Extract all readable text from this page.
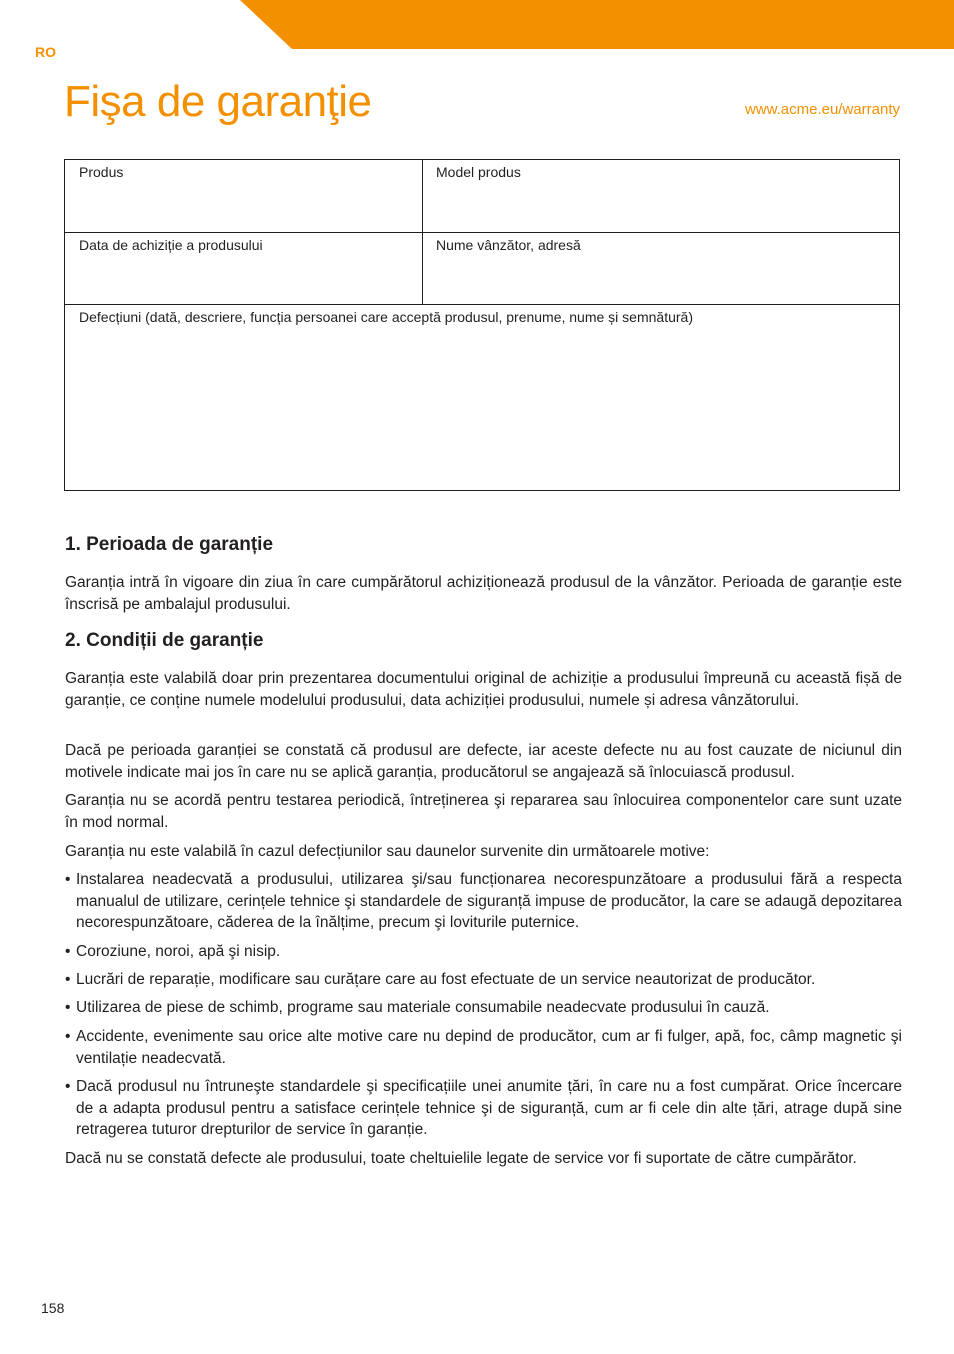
RO
Fişa de garanţie	www.acme.eu/warranty
Produs	Model produs
Data de achiziție a produsului	Nume vânzător, adresă
Defecțiuni (dată, descriere, funcția persoanei care acceptă produsul, prenume, nume și semnătură)
1. Perioada de garanție

Garanția intră în vigoare din ziua în care cumpărătorul achiziționează produsul de la vânzător. Perioada de garanție este înscrisă pe ambalajul produsului.

2. Condiții de garanție

Garanția este valabilă doar prin prezentarea documentului original de achiziție a produsului împreună cu această fișă de garanție, ce conține numele modelului produsului, data achiziției produsului, numele și adresa vânzătorului.

Dacă pe perioada garanției se constată că produsul are defecte, iar aceste defecte nu au fost cauzate de niciunul din motivele indicate mai jos în care nu se aplică garanția, producătorul se angajează să înlocuiască produsul.

Garanția nu se acordă pentru testarea periodică, întreținerea şi repararea sau înlocuirea componentelor care sunt uzate în mod normal.

Garanția nu este valabilă în cazul defecțiunilor sau daunelor survenite din următoarele motive:

• Instalarea neadecvată a produsului, utilizarea şi/sau funcționarea necorespunzătoare a produsului fără a respecta manualul de utilizare, cerințele tehnice şi standardele de siguranță impuse de producător, la care se adaugă depozitarea necorespunzătoare, căderea de la înălțime, precum şi loviturile puternice.
• Coroziune, noroi, apă şi nisip.
• Lucrări de reparație, modificare sau curățare care au fost efectuate de un service neautorizat de producător.
• Utilizarea de piese de schimb, programe sau materiale consumabile neadecvate produsului în cauză.
• Accidente, evenimente sau orice alte motive care nu depind de producător, cum ar fi fulger, apă, foc, câmp magnetic şi ventilație neadecvată.
• Dacă produsul nu întruneşte standardele şi specificațiile unei anumite țări, în care nu a fost cumpărat. Orice încercare de a adapta produsul pentru a satisface cerințele tehnice şi de siguranță, cum ar fi cele din alte țări, atrage după sine retragerea tuturor drepturilor de service în garanție.

Dacă nu se constată defecte ale produsului, toate cheltuielile legate de service vor fi suportate de către cumpărător.

158
